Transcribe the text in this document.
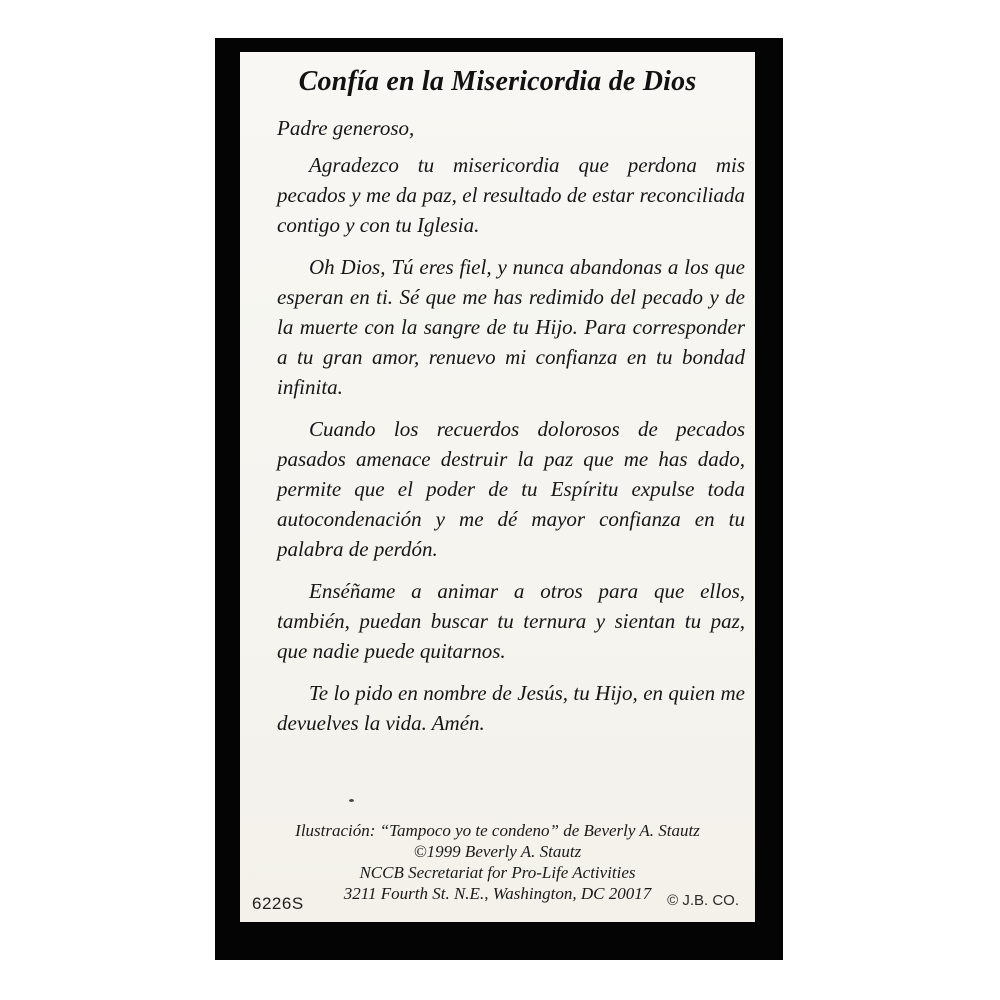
Confía en la Misericordia de Dios

Padre generoso,

Agradezco tu misericordia que perdona mis pecados y me da paz, el resultado de estar reconciliada contigo y con tu Iglesia.

Oh Dios, Tú eres fiel, y nunca abandonas a los que esperan en ti. Sé que me has redimido del pecado y de la muerte con la sangre de tu Hijo. Para corresponder a tu gran amor, renuevo mi confianza en tu bondad infinita.

Cuando los recuerdos dolorosos de pecados pasados amenace destruir la paz que me has dado, permite que el poder de tu Espíritu expulse toda autocondenación y me dé mayor confianza en tu palabra de perdón.

Enséñame a animar a otros para que ellos, también, puedan buscar tu ternura y sientan tu paz, que nadie puede quitarnos.

Te lo pido en nombre de Jesús, tu Hijo, en quien me devuelves la vida. Amén.

Ilustración: “Tampoco yo te condeno” de Beverly A. Stautz

©1999 Beverly A. Stautz

NCCB Secretariat for Pro-Life Activities

3211 Fourth St. N.E., Washington, DC 20017

6226S	© J.B. CO.
